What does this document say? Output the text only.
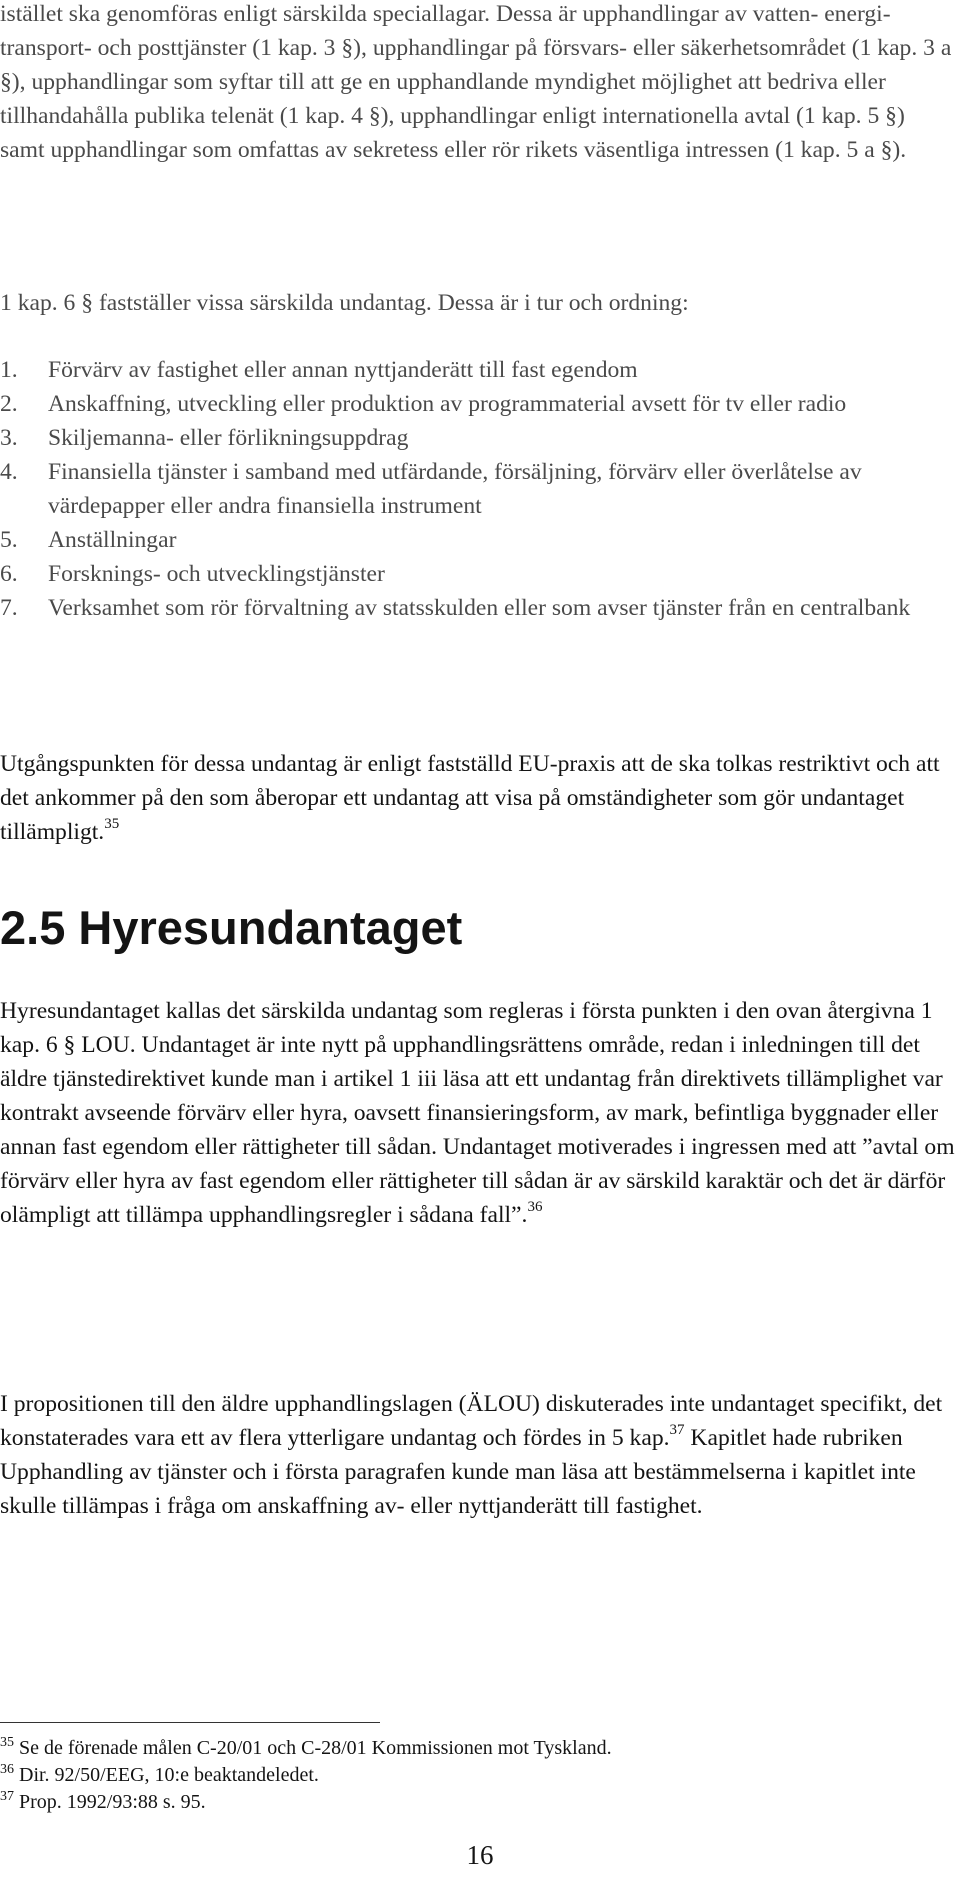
istället ska genomföras enligt särskilda speciallagar. Dessa är upphandlingar av vatten- energi- transport- och posttjänster (1 kap. 3 §), upphandlingar på försvars- eller säkerhetsområdet (1 kap. 3 a §), upphandlingar som syftar till att ge en upphandlande myndighet möjlighet att bedriva eller tillhandahålla publika telenät (1 kap. 4 §), upphandlingar enligt internationella avtal (1 kap. 5 §) samt upphandlingar som omfattas av sekretess eller rör rikets väsentliga intressen (1 kap. 5 a §).

1 kap. 6 § fastställer vissa särskilda undantag. Dessa är i tur och ordning:

1.	Förvärv av fastighet eller annan nyttjanderätt till fast egendom
2.	Anskaffning, utveckling eller produktion av programmaterial avsett för tv eller radio
3.	Skiljemanna- eller förlikningsuppdrag
4.	Finansiella tjänster i samband med utfärdande, försäljning, förvärv eller överlåtelse av värdepapper eller andra finansiella instrument
5.	Anställningar
6.	Forsknings- och utvecklingstjänster
7.	Verksamhet som rör förvaltning av statsskulden eller som avser tjänster från en centralbank

Utgångspunkten för dessa undantag är enligt fastställd EU-praxis att de ska tolkas restriktivt och att det ankommer på den som åberopar ett undantag att visa på omständigheter som gör undantaget tillämpligt.$^{35}$

2.5 Hyresundantaget

Hyresundantaget kallas det särskilda undantag som regleras i första punkten i den ovan återgivna 1 kap. 6 § LOU. Undantaget är inte nytt på upphandlingsrättens område, redan i inledningen till det äldre tjänstedirektivet kunde man i artikel 1 iii läsa att ett undantag från direktivets tillämplighet var kontrakt avseende förvärv eller hyra, oavsett finansieringsform, av mark, befintliga byggnader eller annan fast egendom eller rättigheter till sådan. Undantaget motiverades i ingressen med att ”avtal om förvärv eller hyra av fast egendom eller rättigheter till sådan är av särskild karaktär och det är därför olämpligt att tillämpa upphandlingsregler i sådana fall”.$^{36}$

I propositionen till den äldre upphandlingslagen (ÄLOU) diskuterades inte undantaget specifikt, det konstaterades vara ett av flera ytterligare undantag och fördes in 5 kap.$^{37}$ Kapitlet hade rubriken Upphandling av tjänster och i första paragrafen kunde man läsa att bestämmelserna i kapitlet inte skulle tillämpas i fråga om anskaffning av- eller nyttjanderätt till fastighet.

$^{35}$ Se de förenade målen C-20/01 och C-28/01 Kommissionen mot Tyskland.

$^{36}$ Dir. 92/50/EEG, 10:e beaktandeledet.

$^{37}$ Prop. 1992/93:88 s. 95.

16
